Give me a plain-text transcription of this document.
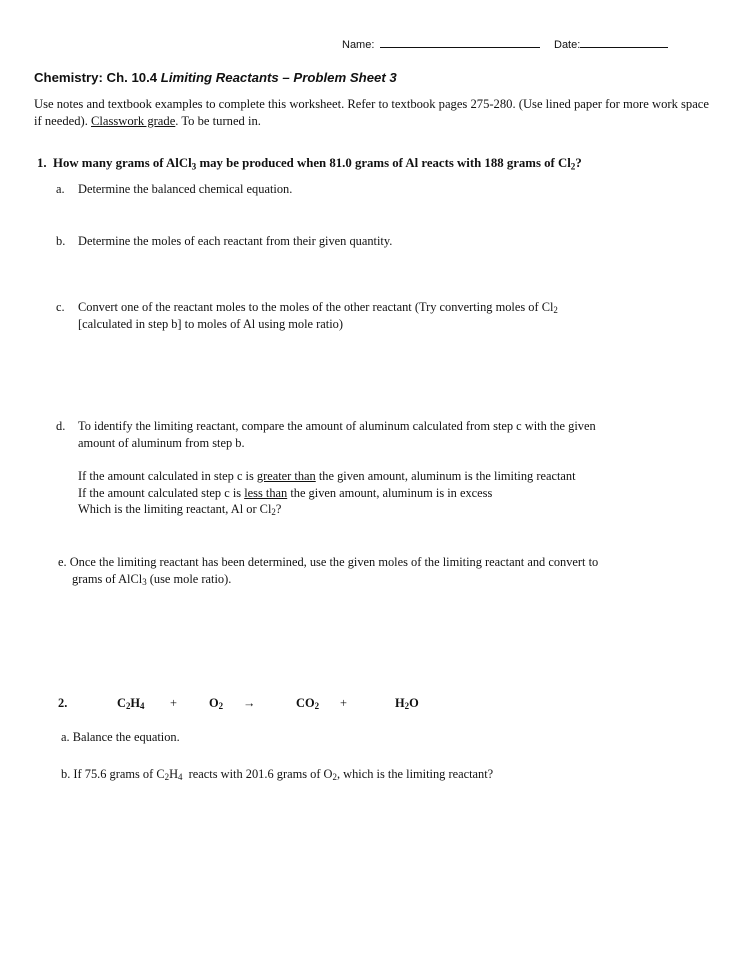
Name:	Date:
Chemistry: Ch. 10.4 Limiting Reactants – Problem Sheet 3
Use notes and textbook examples to complete this worksheet. Refer to textbook pages 275-280. (Use lined paper for more work space if needed). Classwork grade. To be turned in.
1. How many grams of AlCl$_3$ may be produced when 81.0 grams of Al reacts with 188 grams of $Cl_2$?
a. Determine the balanced chemical equation.
b. Determine the moles of each reactant from their given quantity.
c. Convert one of the reactant moles to the moles of the other reactant (Try converting moles of $Cl_2$
[calculated in step b] to moles of Al using mole ratio)
d. To identify the limiting reactant, compare the amount of aluminum calculated from step c with the given
amount of aluminum from step b.
If the amount calculated in step c is greater than the given amount, aluminum is the limiting reactant
If the amount calculated step c is less than the given amount, aluminum is in excess
Which is the limiting reactant, Al or $Cl_2$?
e. Once the limiting reactant has been determined, use the given moles of the limiting reactant and convert to
grams of AlCl$_3$ (use mole ratio).
2.	$C_2H_4$ +	$O_2$ →	$CO_2$ +	$H_2O$
a. Balance the equation.
b. If 75.6 grams of $C_2H_4$  reacts with 201.6 grams of $O_2$, which is the limiting reactant?
